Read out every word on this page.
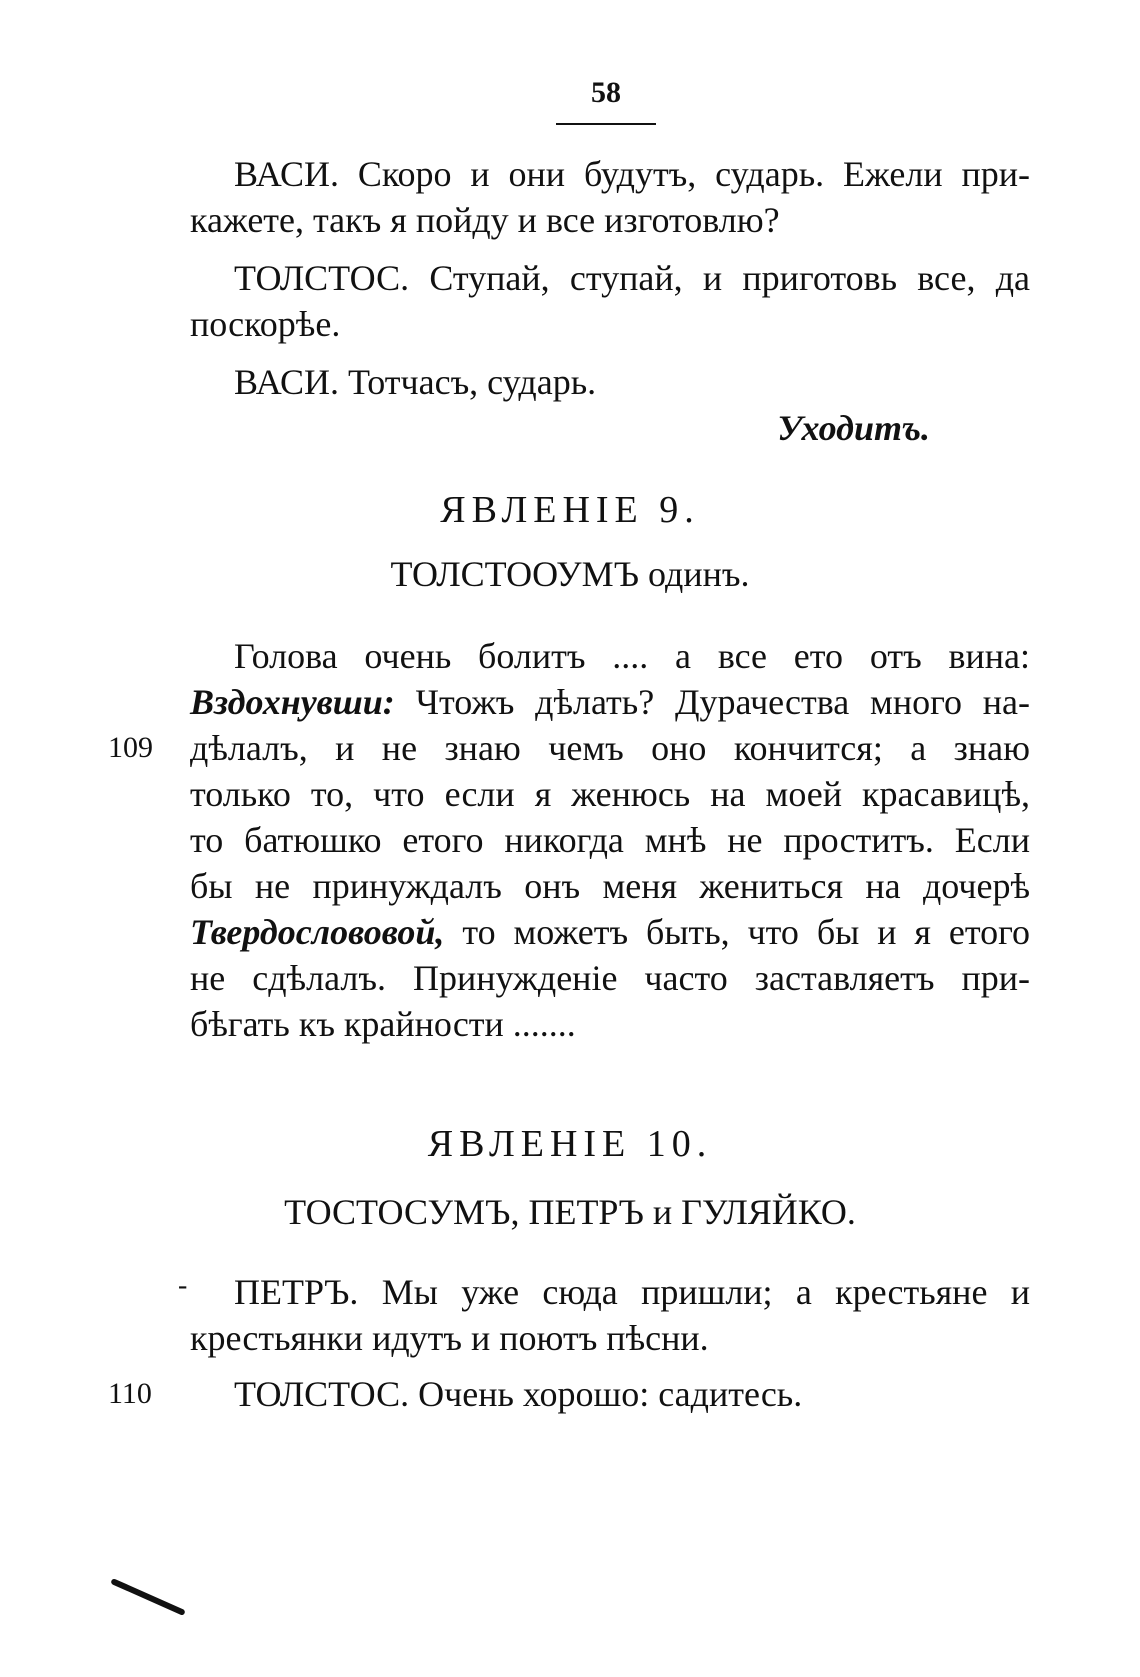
58
ВАСИ. Скоро и они будутъ, сударь. Ежели при-
кажете, такъ я пойду и все изготовлю?
ТОЛСТОС. Ступай, ступай, и приготовь все, да
поскорѣе.
ВАСИ. Тотчасъ, сударь.
Уходитъ.
ЯВЛЕНІЕ 9.
ТОЛСТООУМЪ одинъ.
Голова очень болитъ .... а все ето отъ вина:
Вздохнувши: Чтожъ дѣлать? Дурачества много на-
109 дѣлалъ, и не знаю чемъ оно кончится; а знаю
только то, что если я женюсь на моей красавицѣ,
то батюшко етого никогда мнѣ не проститъ. Если
бы не принуждалъ онъ меня жениться на дочерѣ
Твердослововой, то можетъ быть, что бы и я етого
не сдѣлалъ. Принужденіе часто заставляетъ при-
бѣгать къ крайности .......
ЯВЛЕНІЕ 10.
ТОСТОСУМЪ, ПЕТРЪ и ГУЛЯЙКО.
- ПЕТРЪ. Мы уже сюда пришли; а крестьяне и
крестьянки идутъ и поютъ пѣсни.
110 ТОЛСТОС. Очень хорошо: садитесь.
